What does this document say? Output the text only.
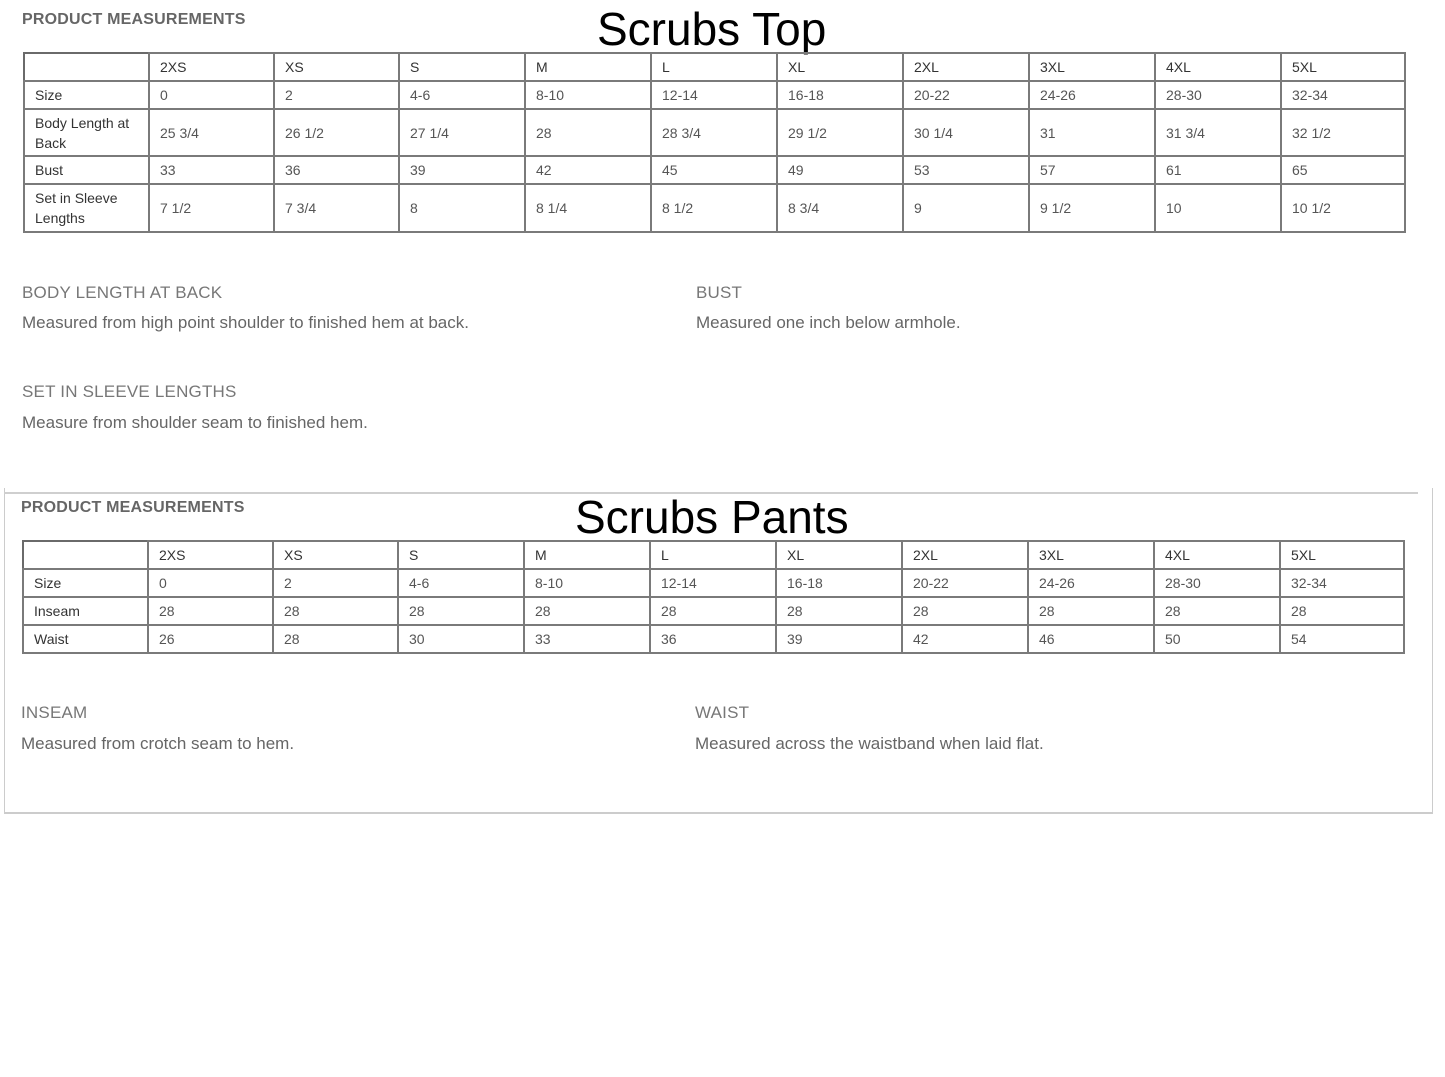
PRODUCT MEASUREMENTS	Scrubs Top
	2XS	XS	S	M	L	XL	2XL	3XL	4XL	5XL
Size	0	2	4-6	8-10	12-14	16-18	20-22	24-26	28-30	32-34
Body Length at Back	25 3/4	26 1/2	27 1/4	28	28 3/4	29 1/2	30 1/4	31	31 3/4	32 1/2
Bust	33	36	39	42	45	49	53	57	61	65
Set in Sleeve Lengths	7 1/2	7 3/4	8	8 1/4	8 1/2	8 3/4	9	9 1/2	10	10 1/2
BODY LENGTH AT BACK
Measured from high point shoulder to finished hem at back.
BUST
Measured one inch below armhole.
SET IN SLEEVE LENGTHS
Measure from shoulder seam to finished hem.
PRODUCT MEASUREMENTS	Scrubs Pants
	2XS	XS	S	M	L	XL	2XL	3XL	4XL	5XL
Size	0	2	4-6	8-10	12-14	16-18	20-22	24-26	28-30	32-34
Inseam	28	28	28	28	28	28	28	28	28	28
Waist	26	28	30	33	36	39	42	46	50	54
INSEAM
Measured from crotch seam to hem.
WAIST
Measured across the waistband when laid flat.
